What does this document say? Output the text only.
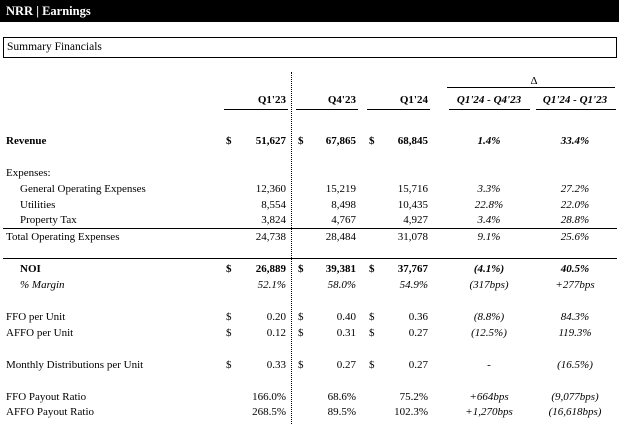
NRR | Earnings
Summary Financials
Δ
Q1'23	Q4'23	Q1'24	Q1'24 - Q4'23	Q1'24 - Q1'23
Revenue	$	51,627 $	67,865 $	68,845	1.4%	33.4%
Expenses:
General Operating Expenses	12,360	15,219	15,716	3.3%	27.2%
Utilities	8,554	8,498	10,435	22.8%	22.0%
Property Tax	3,824	4,767	4,927	3.4%	28.8%
Total Operating Expenses	24,738	28,484	31,078	9.1%	25.6%
NOI	$	26,889 $	39,381 $	37,767	(4.1%)	40.5%
% Margin	52.1%	58.0%	54.9%	(317bps)	+277bps
FFO per Unit	$	0.20 $	0.40 $	0.36	(8.8%)	84.3%
AFFO per Unit	$	0.12 $	0.31 $	0.27	(12.5%)	119.3%
Monthly Distributions per Unit	$	0.33 $	0.27 $	0.27	-	(16.5%)
FFO Payout Ratio	166.0%	68.6%	75.2%	+664bps	(9,077bps)
AFFO Payout Ratio	268.5%	89.5%	102.3%	+1,270bps	(16,618bps)
